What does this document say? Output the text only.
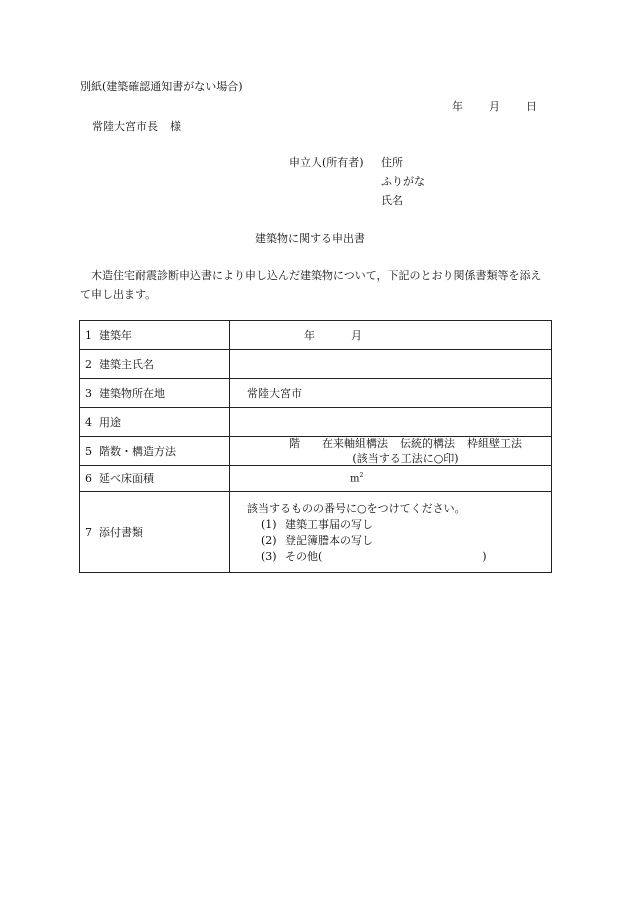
別紙(建築確認通知書がない場合)
年 月 日
常陸大宮市長 様
申立人(所有者) 住所
ふりがな
氏名
建築物に関する申出書
木造住宅耐震診断申込書により申し込んだ建築物について，下記のとおり関係書類等を添えて申し出ます。
1 建築年	年 月
2 建築主氏名	
3 建築物所在地	常陸大宮市
4 用途	
5 階数・構造方法	階 在来軸組構法 伝統的構法 枠組壁工法
(該当する工法に○印)

6 延べ床面積	$m^2$
7 添付書類	該当するものの番号に○をつけてください。
(1) 建築工事届の写し
(2) 登記簿謄本の写し
(3) その他( )
